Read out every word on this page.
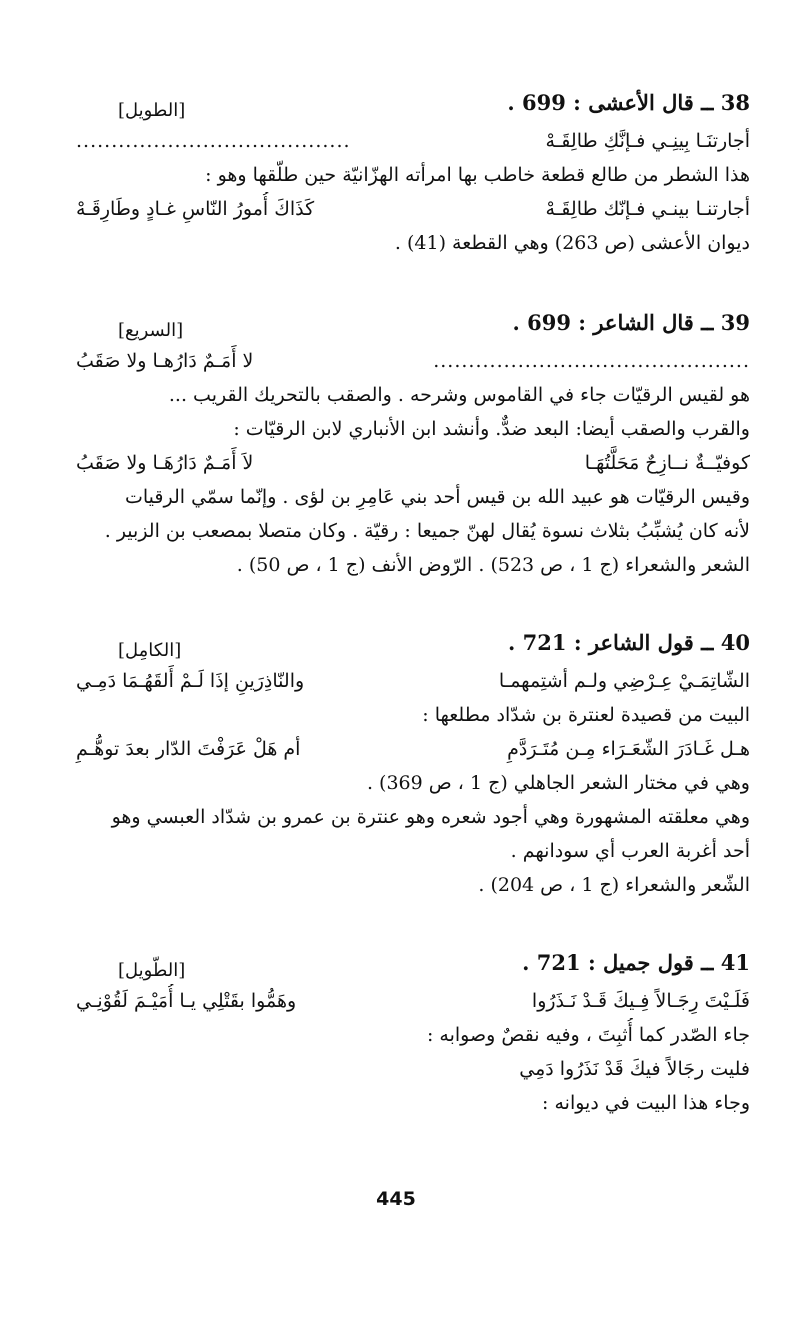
38 ــ قال الأعشى : 699 .
[الطويل]
أجارتنَـا بِينِـي فـإنَّكِ طالِقَـهْ
.......................................
هذا الشطر من طالع قطعة خاطب بها امرأته الهزّانيّة حين طلّقها وهو :
أجارتنـا بينـي فـإنّك طالِقَـهْ
كَذَاكَ أُمورُ النّاسِ غـادٍ وطَارِقَـهْ
ديوان الأعشى (ص 263) وهي القطعة (41) .
39 ــ قال الشاعر : 699 .
[السريع]
.............................................
لا أَمَـمٌ دَارُهـا ولا صَقَبُ
هو لقيس الرقيّات جاء في القاموس وشرحه . والصقب بالتحريك القريب ...
والقرب والصقب أيضا: البعد ضدٌّ. وأنشد ابن الأنباري لابن الرقيّات :
كوفيّــةٌ نــازِحٌ مَحَلَّتُهَـا
لاَ أَمَـمٌ دَارُهَـا ولا صَقَبُ
وقيس الرقيّات هو عبيد الله بن قيس أحد بني عَامِرِ بن لؤى . وإنّما سمّي الرقيات
لأنه كان يُشبِّبُ بثلاث نسوة يُقال لهنّ جميعا : رقيّة . وكان متصلا بمصعب بن الزبير .
الشعر والشعراء (ج 1 ، ص 523) . الرّوض الأنف (ج 1 ، ص 50) .
40 ــ قول الشاعر : 721 .
[الكامِل]
الشّاتِمَـيْ عِـرْضِي ولـم أشتِمهمـا
والنّاذِرَينِ إذَا لَـمْ أَلقَهُـمَا دَمِـي
البيت من قصيدة لعنترة بن شدّاد مطلعها :
هـل غَـادَرَ الشّعَـرَاء مِـن مُتَـرَدَّمِ
أم هَلْ عَرَفْتَ الدّار بعدَ توهُّـمِ
وهي في مختار الشعر الجاهلي (ج 1 ، ص 369) .
وهي معلقته المشهورة وهي أجود شعره وهو عنترة بن عمرو بن شدّاد العبسي وهو
أحد أغربة العرب أي سودانهم .
الشّعر والشعراء (ج 1 ، ص 204) .
41 ــ قول جميل : 721 .
[الطّويل]
فَلَـيْتَ رِجَـالاً فِـيكَ قَـدْ نَـذَرُوا
وهَمُّوا بقَتْلِي يـا أُمَيْـمَ لَقُوْنِـي
جاء الصّدر كما أُثبِتَ ، وفيه نقصٌ وصوابه :
فليت رجَالاً فيكَ قَدْ نَذَرُوا دَمِي
وجاء هذا البيت في ديوانه :
445
